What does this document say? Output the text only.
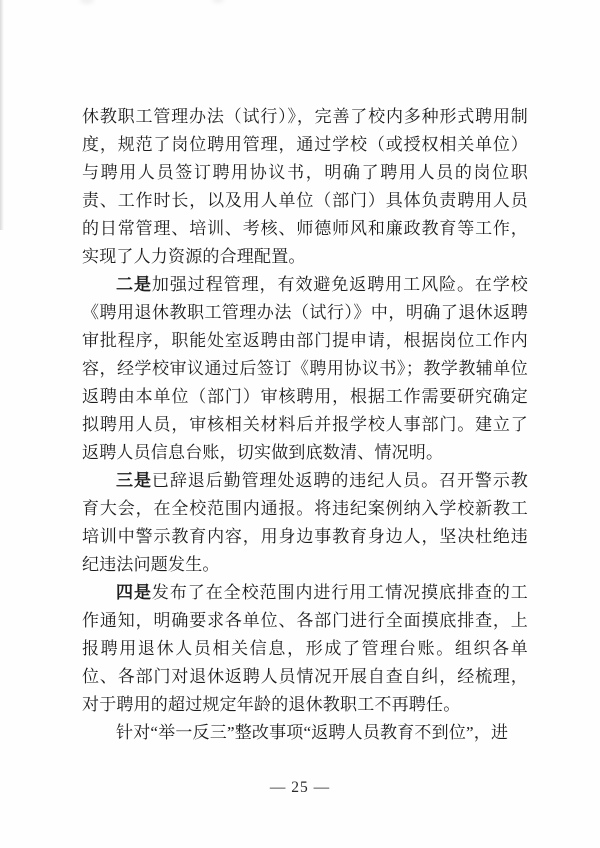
休教职工管理办法（试行）》，完善了校内多种形式聘用制度，规范了岗位聘用管理，通过学校（或授权相关单位）与聘用人员签订聘用协议书，明确了聘用人员的岗位职责、工作时长，以及用人单位（部门）具体负责聘用人员的日常管理、培训、考核、师德师风和廉政教育等工作，实现了人力资源的合理配置。

二是加强过程管理，有效避免返聘用工风险。在学校《聘用退休教职工管理办法（试行）》中，明确了退休返聘审批程序，职能处室返聘由部门提申请，根据岗位工作内容，经学校审议通过后签订《聘用协议书》；教学教辅单位返聘由本单位（部门）审核聘用，根据工作需要研究确定拟聘用人员，审核相关材料后并报学校人事部门。建立了返聘人员信息台账，切实做到底数清、情况明。

三是已辞退后勤管理处返聘的违纪人员。召开警示教育大会，在全校范围内通报。将违纪案例纳入学校新教工培训中警示教育内容，用身边事教育身边人，坚决杜绝违纪违法问题发生。

四是发布了在全校范围内进行用工情况摸底排查的工作通知，明确要求各单位、各部门进行全面摸底排查，上报聘用退休人员相关信息，形成了管理台账。组织各单位、各部门对退休返聘人员情况开展自查自纠，经梳理，对于聘用的超过规定年龄的退休教职工不再聘任。

针对“举一反三”整改事项“返聘人员教育不到位”，进

— 25 —
